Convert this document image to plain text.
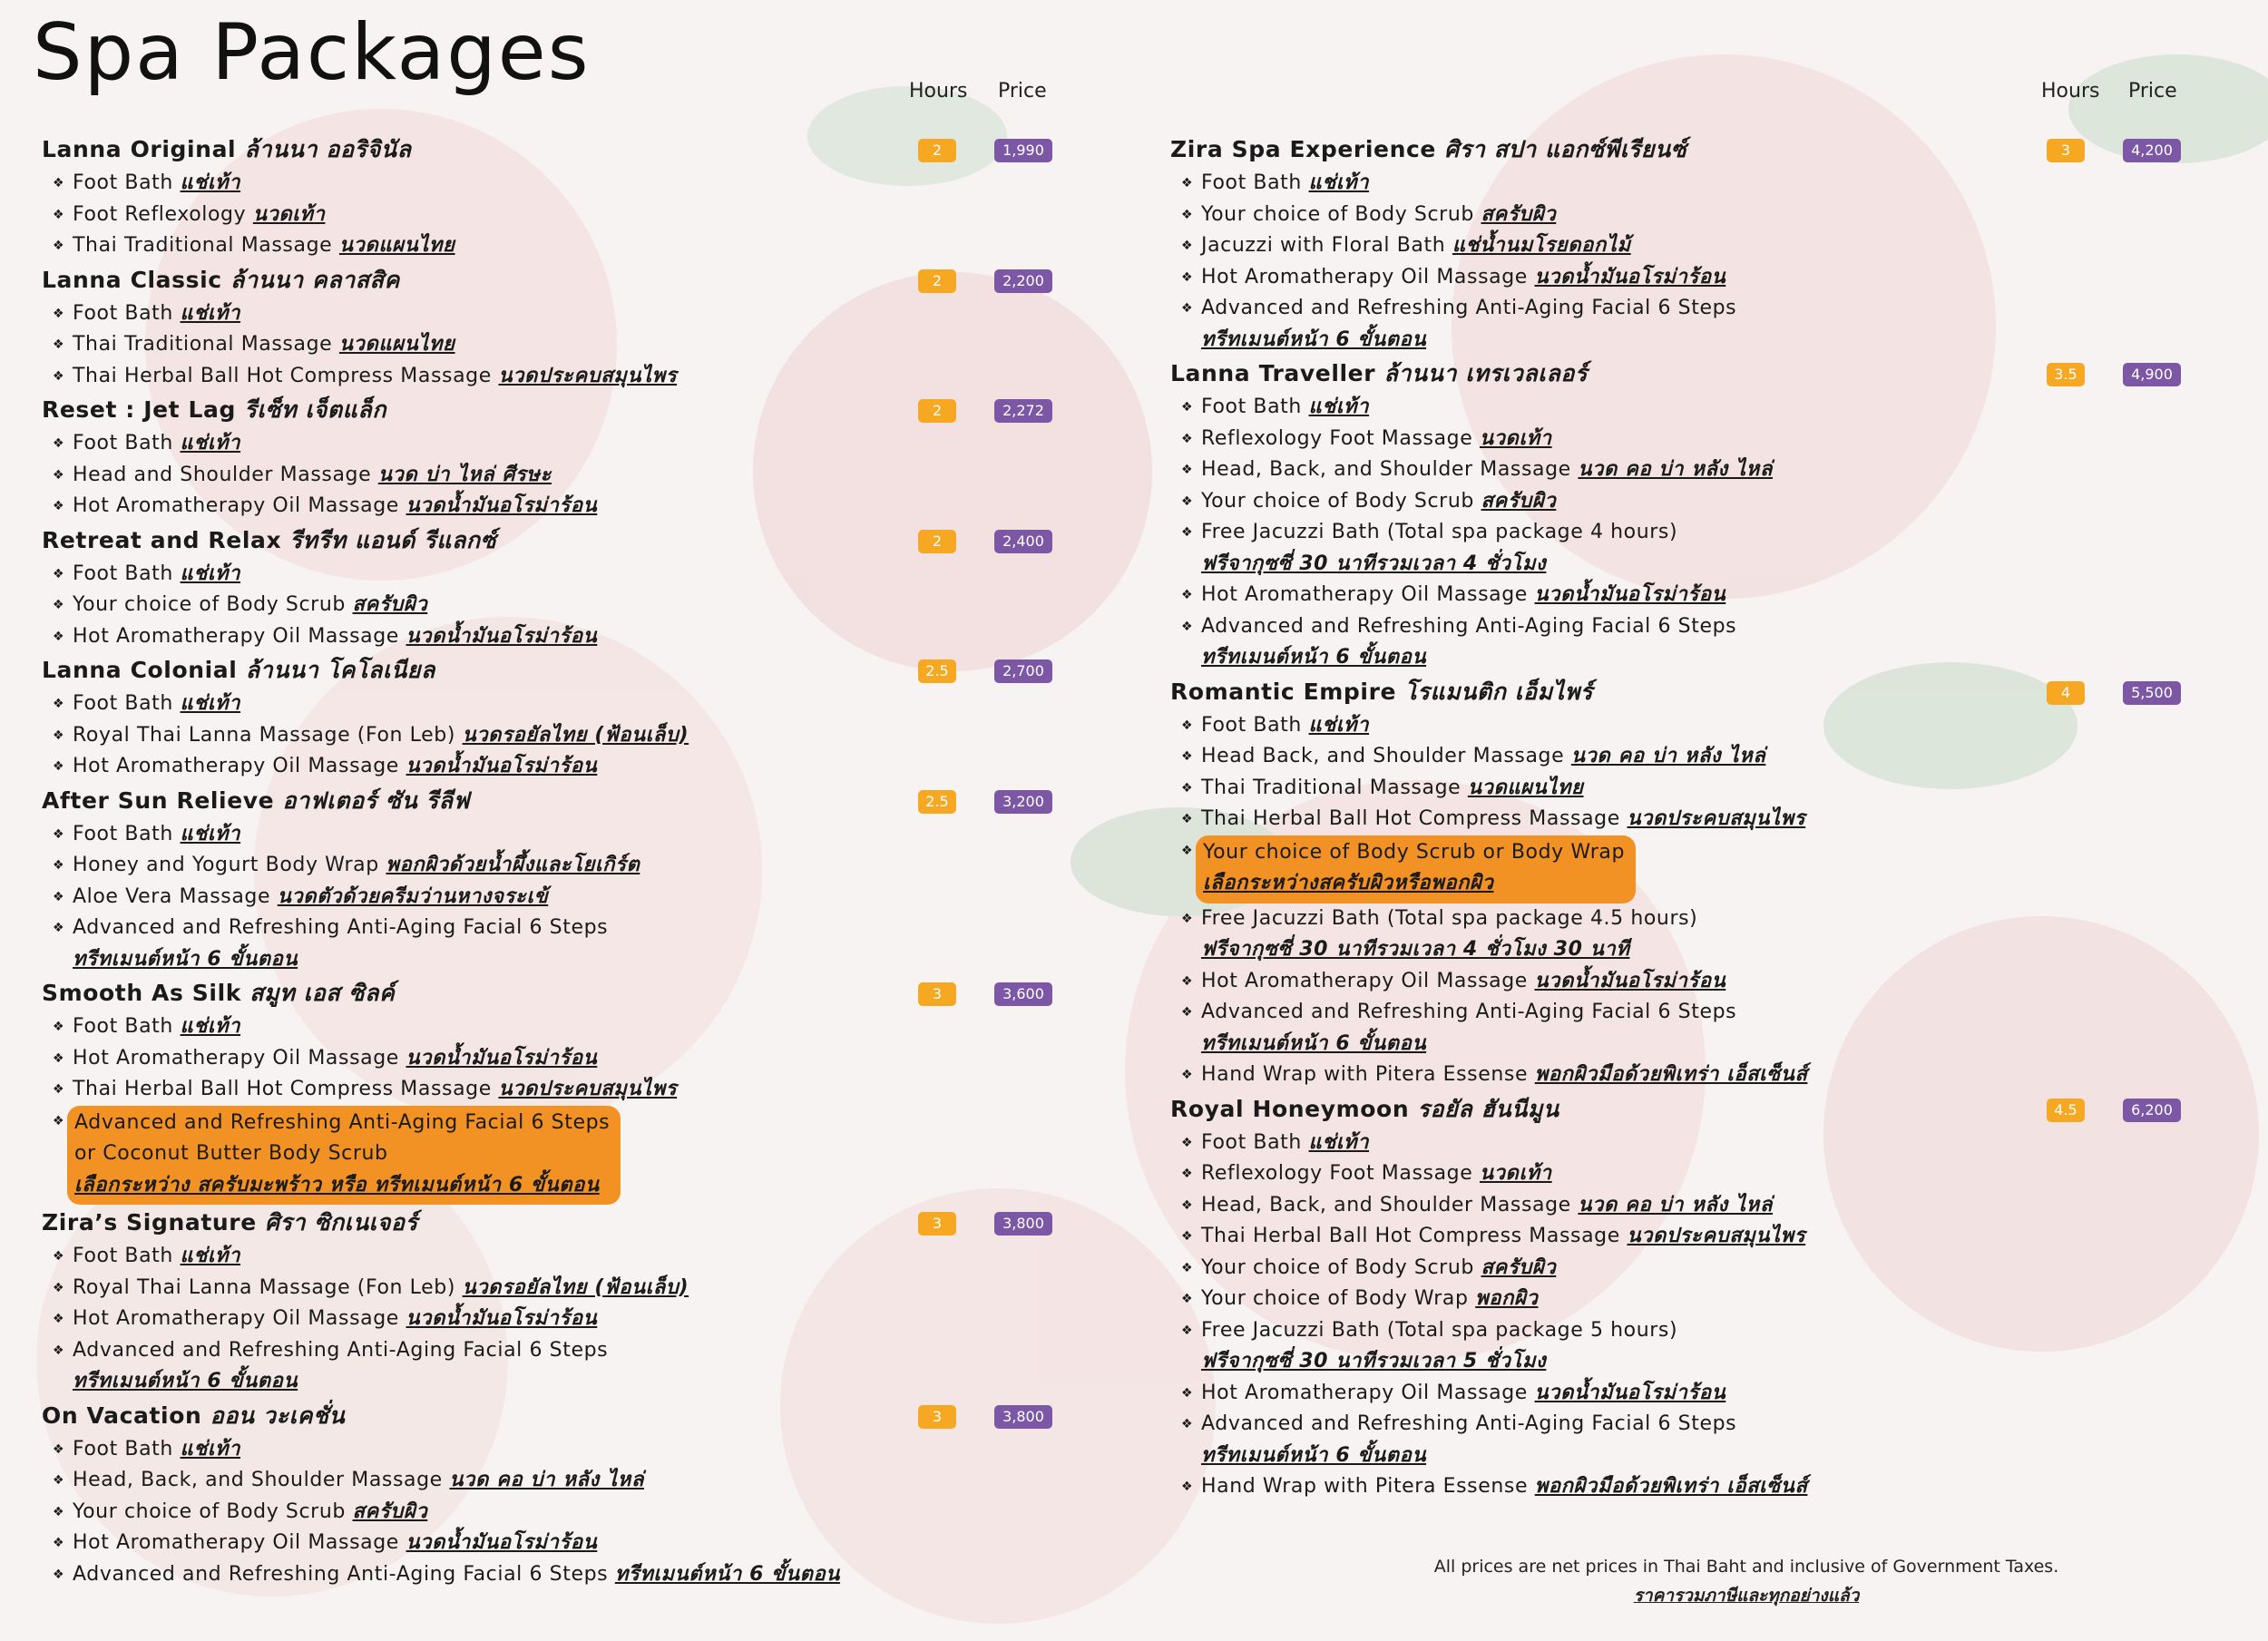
Spa Packages	Hours Price	Hours Price
Lanna Original ล้านนา ออริจินัล	2	1,990
❖ Foot Bath แช่เท้า
❖ Foot Reflexology นวดเท้า
❖ Thai Traditional Massage นวดแผนไทย
Lanna Classic ล้านนา คลาสสิค	2	2,200
❖ Foot Bath แช่เท้า
❖ Thai Traditional Massage นวดแผนไทย
❖ Thai Herbal Ball Hot Compress Massage นวดประคบสมุนไพร
Reset : Jet Lag รีเซ็ท เจ็ตแล็ก	2	2,272
❖ Foot Bath แช่เท้า
❖ Head and Shoulder Massage นวด บ่า ไหล่ ศีรษะ
❖ Hot Aromatherapy Oil Massage นวดน้ำมันอโรม่าร้อน
Retreat and Relax รีทรีท แอนด์ รีแลกซ์	2	2,400
❖ Foot Bath แช่เท้า
❖ Your choice of Body Scrub สครับผิว
❖ Hot Aromatherapy Oil Massage นวดน้ำมันอโรม่าร้อน
Lanna Colonial ล้านนา โคโลเนียล	2.5	2,700
❖ Foot Bath แช่เท้า
❖ Royal Thai Lanna Massage (Fon Leb) นวดรอยัลไทย (ฟ้อนเล็บ)
❖ Hot Aromatherapy Oil Massage นวดน้ำมันอโรม่าร้อน
After Sun Relieve อาฟเตอร์ ซัน รีลีฟ	2.5	3,200
❖ Foot Bath แช่เท้า
❖ Honey and Yogurt Body Wrap พอกผิวด้วยน้ำผึ้งและโยเกิร์ต
❖ Aloe Vera Massage นวดตัวด้วยครีมว่านหางจระเข้
❖ Advanced and Refreshing Anti-Aging Facial 6 Steps
ทรีทเมนต์หน้า 6 ขั้นตอน
Smooth As Silk สมูท เอส ซิลค์	3	3,600
❖ Foot Bath แช่เท้า
❖ Hot Aromatherapy Oil Massage นวดน้ำมันอโรม่าร้อน
❖ Thai Herbal Ball Hot Compress Massage นวดประคบสมุนไพร
❖ Advanced and Refreshing Anti-Aging Facial 6 Steps
or Coconut Butter Body Scrub
เลือกระหว่าง สครับมะพร้าว หรือ ทรีทเมนต์หน้า 6 ขั้นตอน
Zira’s Signature ศิรา ซิกเนเจอร์	3	3,800
❖ Foot Bath แช่เท้า
❖ Royal Thai Lanna Massage (Fon Leb) นวดรอยัลไทย (ฟ้อนเล็บ)
❖ Hot Aromatherapy Oil Massage นวดน้ำมันอโรม่าร้อน
❖ Advanced and Refreshing Anti-Aging Facial 6 Steps
ทรีทเมนต์หน้า 6 ขั้นตอน
On Vacation ออน วะเคชั่น	3	3,800
❖ Foot Bath แช่เท้า
❖ Head, Back, and Shoulder Massage นวด คอ บ่า หลัง ไหล่
❖ Your choice of Body Scrub สครับผิว
❖ Hot Aromatherapy Oil Massage นวดน้ำมันอโรม่าร้อน
❖ Advanced and Refreshing Anti-Aging Facial 6 Steps ทรีทเมนต์หน้า 6 ขั้นตอน
Zira Spa Experience ศิรา สปา แอกซ์พีเรียนซ์	3	4,200
❖ Foot Bath แช่เท้า
❖ Your choice of Body Scrub สครับผิว
❖ Jacuzzi with Floral Bath แช่น้ำนมโรยดอกไม้
❖ Hot Aromatherapy Oil Massage นวดน้ำมันอโรม่าร้อน
❖ Advanced and Refreshing Anti-Aging Facial 6 Steps
ทรีทเมนต์หน้า 6 ขั้นตอน
Lanna Traveller ล้านนา เทรเวลเลอร์	3.5	4,900
❖ Foot Bath แช่เท้า
❖ Reflexology Foot Massage นวดเท้า
❖ Head, Back, and Shoulder Massage นวด คอ บ่า หลัง ไหล่
❖ Your choice of Body Scrub สครับผิว
❖ Free Jacuzzi Bath (Total spa package 4 hours)
ฟรีจากุซซี่ 30 นาทีรวมเวลา 4 ชั่วโมง
❖ Hot Aromatherapy Oil Massage นวดน้ำมันอโรม่าร้อน
❖ Advanced and Refreshing Anti-Aging Facial 6 Steps
ทรีทเมนต์หน้า 6 ขั้นตอน
Romantic Empire โรแมนติก เอ็มไพร์	4	5,500
❖ Foot Bath แช่เท้า
❖ Head Back, and Shoulder Massage นวด คอ บ่า หลัง ไหล่
❖ Thai Traditional Massage นวดแผนไทย
❖ Thai Herbal Ball Hot Compress Massage นวดประคบสมุนไพร
❖ Your choice of Body Scrub or Body Wrap
เลือกระหว่างสครับผิวหรือพอกผิว
❖ Free Jacuzzi Bath (Total spa package 4.5 hours)
ฟรีจากุซซี่ 30 นาทีรวมเวลา 4 ชั่วโมง 30 นาที
❖ Hot Aromatherapy Oil Massage นวดน้ำมันอโรม่าร้อน
❖ Advanced and Refreshing Anti-Aging Facial 6 Steps
ทรีทเมนต์หน้า 6 ขั้นตอน
❖ Hand Wrap with Pitera Essense พอกผิวมือด้วยพิเทร่า เอ็สเซ็นส์
Royal Honeymoon รอยัล ฮันนีมูน	4.5	6,200
❖ Foot Bath แช่เท้า
❖ Reflexology Foot Massage นวดเท้า
❖ Head, Back, and Shoulder Massage นวด คอ บ่า หลัง ไหล่
❖ Thai Herbal Ball Hot Compress Massage นวดประคบสมุนไพร
❖ Your choice of Body Scrub สครับผิว
❖ Your choice of Body Wrap พอกผิว
❖ Free Jacuzzi Bath (Total spa package 5 hours)
ฟรีจากุซซี่ 30 นาทีรวมเวลา 5 ชั่วโมง
❖ Hot Aromatherapy Oil Massage นวดน้ำมันอโรม่าร้อน
❖ Advanced and Refreshing Anti-Aging Facial 6 Steps
ทรีทเมนต์หน้า 6 ขั้นตอน
❖ Hand Wrap with Pitera Essense พอกผิวมือด้วยพิเทร่า เอ็สเซ็นส์
All prices are net prices in Thai Baht and inclusive of Government Taxes.
ราคารวมภาษีและทุกอย่างแล้ว
